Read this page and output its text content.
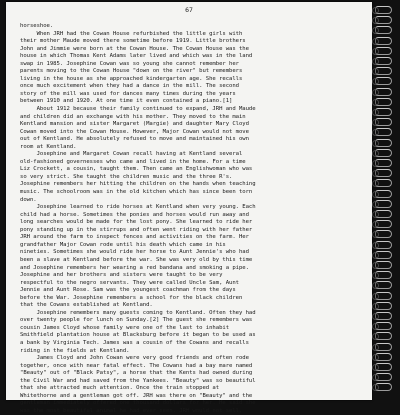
67
horseshoe.
When JRH had the Cowan House refurbished the little girls with
their mother Maude moved there sometime before 1919. Little brothers
John and Jimmie were born at the Cowan House. The Cowan House was the
house in which Thomas Kent Adams later lived and which was in the land
swap in 1985. Josephine Cowan was so young she cannot remember her
parents moving to the Cowan House "down on the river" but remembers
living in the house as she approached kindergarten age. She recalls
once much excitement when they had a dance in the mill. The second
story of the mill was used for dances many times during the years
between 1910 and 1920. At one time it even contained a piano.[1]
About 1912 because their family continued to expand, JRH and Maude
and children did an exchange with his mother. They moved to the main
Kentland mansion and sister Margaret (Margie) and daughter Mary Cloyd
Cowan moved into the Cowan House. However, Major Cowan would not move
out of Kentland. He absolutely refused to move and maintained his own
room at Kentland.
Josephine and Margaret Cowan recall having at Kentland several
old-fashioned governesses who came and lived in the home. For a time
Liz Crockett, a cousin, taught them. Then came an Englishwoman who was
so very strict. She taught the children music and the three R's.
Josephine remembers her hitting the children on the hands when teaching
music. The schoolroom was in the old kitchen which has since been torn
down.
Josephine learned to ride horses at Kentland when very young. Each
child had a horse. Sometimes the ponies and horses would run away and
long searches would be made for the lost pony. She learned to ride her
pony standing up in the stirrups and often went riding with her father
JRH around the farm to inspect fences and activities on the farm. Her
grandfather Major Cowan rode until his death which came in his
nineties. Sometimes she would ride her horse to Aunt Jennie's who had
been a slave at Kentland before the war. She was very old by this time
and Josephine remembers her wearing a red bandana and smoking a pipe.
Josephine and her brothers and sisters were taught to be very
respectful to the negro servants. They were called Uncle Sam, Aunt
Jennie and Aunt Rose. Sam was the youngest coachman from the days
before the War. Josephine remembers a school for the black children
that the Cowans established at Kentland.
Josephine remembers many guests coming to Kentland. Often they had
over twenty people for lunch on Sunday.[2] The guest she remembers was
cousin James Cloyd whose family were one of the last to inhabit
Smithfield plantation house at Blacksburg before it began to be used as
a bank by Virginia Tech. James was a cousin of the Cowans and recalls
riding in the fields at Kentland.
James Cloyd and John Cowan were very good friends and often rode
together, once with near fatal effect. The Cowans had a bay mare named
"Beauty" out of "Black Patsy", a horse that the Kents had owned during
the Civil War and had saved from the Yankees. "Beauty" was so beautiful
that she attracted much attention. Once the train stopped at
Whitethorne and a gentleman got off. JRH was there on "Beauty" and the
gentleman immediately offered one thousand dollars for her. He said she
was the most beautiful animal he had ever seen. JRH would not sell,
